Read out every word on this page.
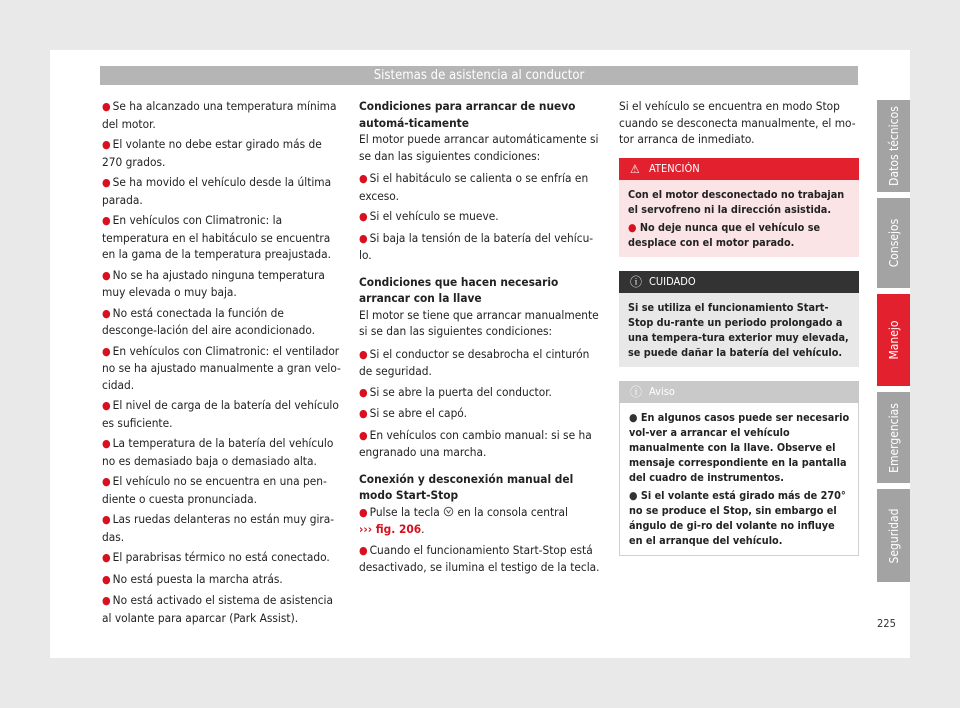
Sistemas de asistencia al conductor
● Se ha alcanzado una temperatura mínima del motor.
● El volante no debe estar girado más de 270 grados.
● Se ha movido el vehículo desde la última parada.
● En vehículos con Climatronic: la temperatura en el habitáculo se encuentra en la gama de la temperatura preajustada.
● No se ha ajustado ninguna temperatura muy elevada o muy baja.
● No está conectada la función de desconge-lación del aire acondicionado.
● En vehículos con Climatronic: el ventilador no se ha ajustado manualmente a gran velo-cidad.
● El nivel de carga de la batería del vehículo es suficiente.
● La temperatura de la batería del vehículo no es demasiado baja o demasiado alta.
● El vehículo no se encuentra en una pen-diente o cuesta pronunciada.
● Las ruedas delanteras no están muy gira-das.
● El parabrisas térmico no está conectado.
● No está puesta la marcha atrás.
● No está activado el sistema de asistencia al volante para aparcar (Park Assist).

Condiciones para arrancar de nuevo automá-ticamente

El motor puede arrancar automáticamente si se dan las siguientes condiciones:

● Si el habitáculo se calienta o se enfría en exceso.
● Si el vehículo se mueve.
● Si baja la tensión de la batería del vehícu-lo.

Condiciones que hacen necesario arrancar con la llave

El motor se tiene que arrancar manualmente si se dan las siguientes condiciones:

● Si el conductor se desabrocha el cinturón de seguridad.
● Si se abre la puerta del conductor.
● Si se abre el capó.
● En vehículos con cambio manual: si se ha engranado una marcha.

Conexión y desconexión manual del modo Start-Stop

● Pulse la tecla en la consola central
››› fig. 206.
● Cuando el funcionamiento Start-Stop está desactivado, se ilumina el testigo de la tecla.

Si el vehículo se encuentra en modo Stop cuando se desconecta manualmente, el mo-tor arranca de inmediato.

⚠ ATENCIÓN
Con el motor desconectado no trabajan el servofreno ni la dirección asistida.
● No deje nunca que el vehículo se desplace con el motor parado.
ⓘ CUIDADO
Si se utiliza el funcionamiento Start-Stop du-rante un periodo prolongado a una tempera-tura exterior muy elevada, se puede dañar la batería del vehículo.
ⓘ Aviso
● En algunos casos puede ser necesario vol-ver a arrancar el vehículo manualmente con la llave. Observe el mensaje correspondiente en la pantalla del cuadro de instrumentos.
● Si el volante está girado más de 270° no se produce el Stop, sin embargo el ángulo de gi-ro del volante no influye en el arranque del vehículo.
Datos técnicos
Consejos
Manejo
Emergencias
Seguridad
225
